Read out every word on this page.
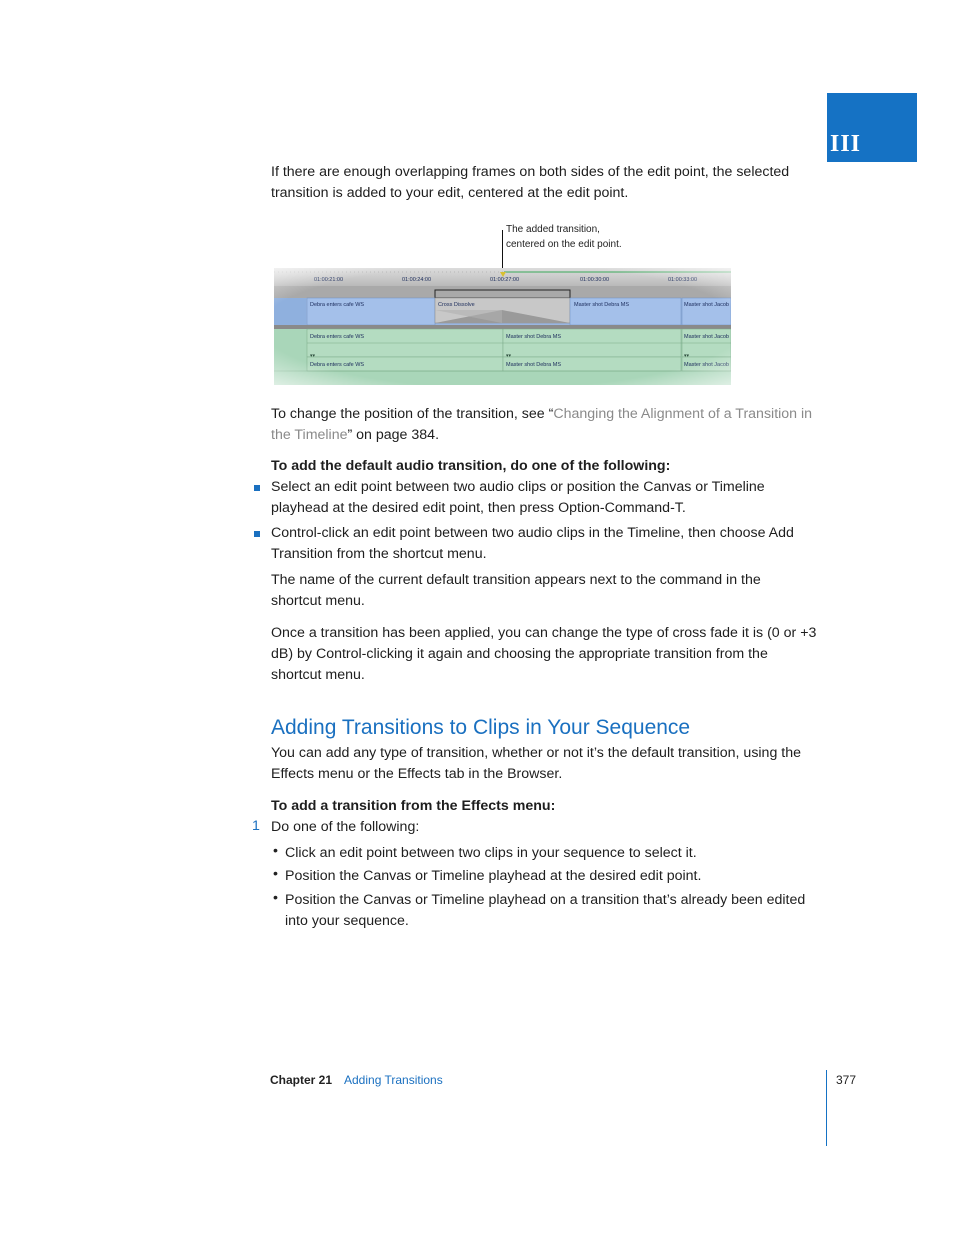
III
If there are enough overlapping frames on both sides of the edit point, the selected transition is added to your edit, centered at the edit point.
The added transition,
centered on the edit point.
To change the position of the transition, see “Changing the Alignment of a Transition in the Timeline” on page 384.
To add the default audio transition, do one of the following:
Select an edit point between two audio clips or position the Canvas or Timeline playhead at the desired edit point, then press Option-Command-T.
Control-click an edit point between two audio clips in the Timeline, then choose Add Transition from the shortcut menu.
The name of the current default transition appears next to the command in the shortcut menu.
Once a transition has been applied, you can change the type of cross fade it is (0 or +3 dB) by Control-clicking it again and choosing the appropriate transition from the shortcut menu.
Adding Transitions to Clips in Your Sequence
You can add any type of transition, whether or not it’s the default transition, using the Effects menu or the Effects tab in the Browser.
To add a transition from the Effects menu:
1 Do one of the following:
• Click an edit point between two clips in your sequence to select it.
• Position the Canvas or Timeline playhead at the desired edit point.
• Position the Canvas or Timeline playhead on a transition that’s already been edited into your sequence.
Chapter 21 Adding Transitions	377
